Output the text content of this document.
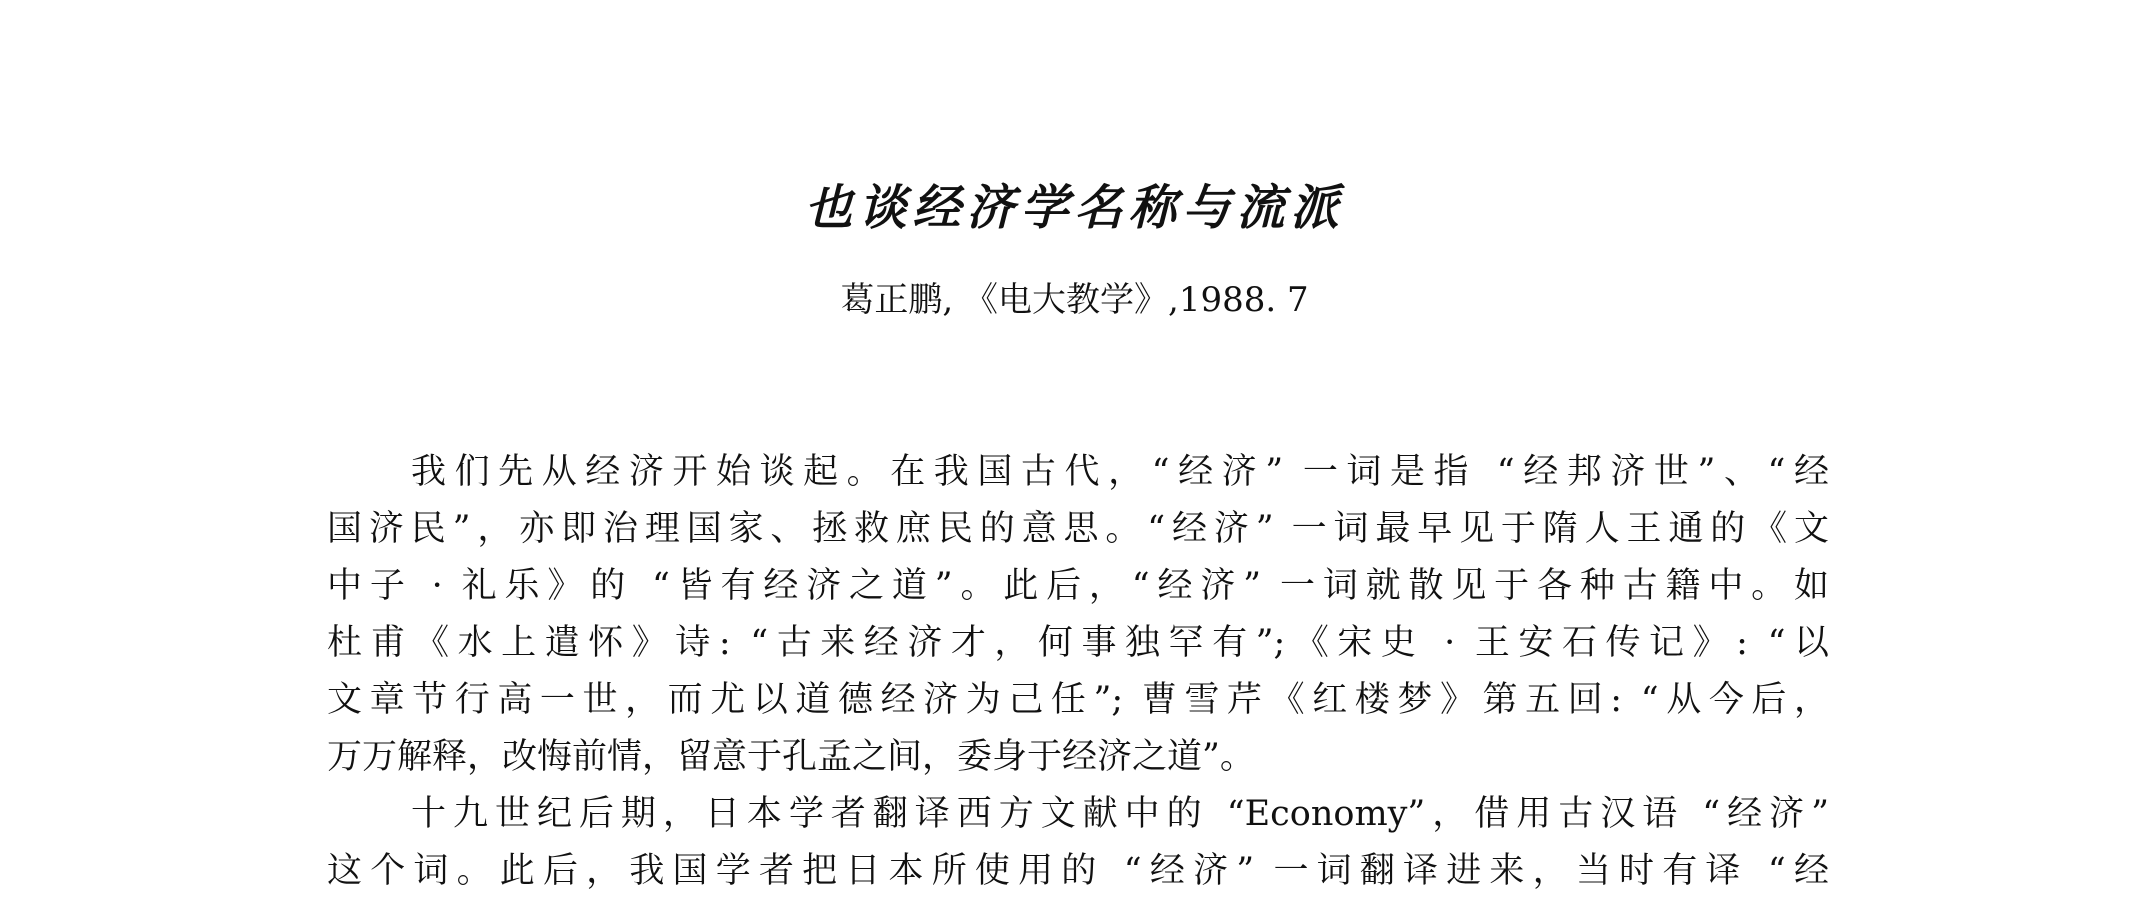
也谈经济学名称与流派
葛正鹏, 《电大教学》,1988. 7
我们先从经济开始谈起。在我国古代，“经济” 一词是指 “经邦济世”、“经
国济民”，亦即治理国家、拯救庶民的意思。“经济” 一词最早见于隋人王通的《文
中子 · 礼乐》的 “皆有经济之道”。此后，“经济” 一词就散见于各种古籍中。如
杜甫《水上遣怀》诗: “古来经济才，何事独罕有”;《宋史 · 王安石传记》: “以
文章节行高一世，而尤以道德经济为己任”; 曹雪芹《红楼梦》第五回: “从今后，
万万解释，改悔前情，留意于孔孟之间，委身于经济之道”。
十九世纪后期，日本学者翻译西方文献中的 “Economy”，借用古汉语 “经济”
这个词。此后，我国学者把日本所使用的 “经济” 一词翻译进来，当时有译 “经
